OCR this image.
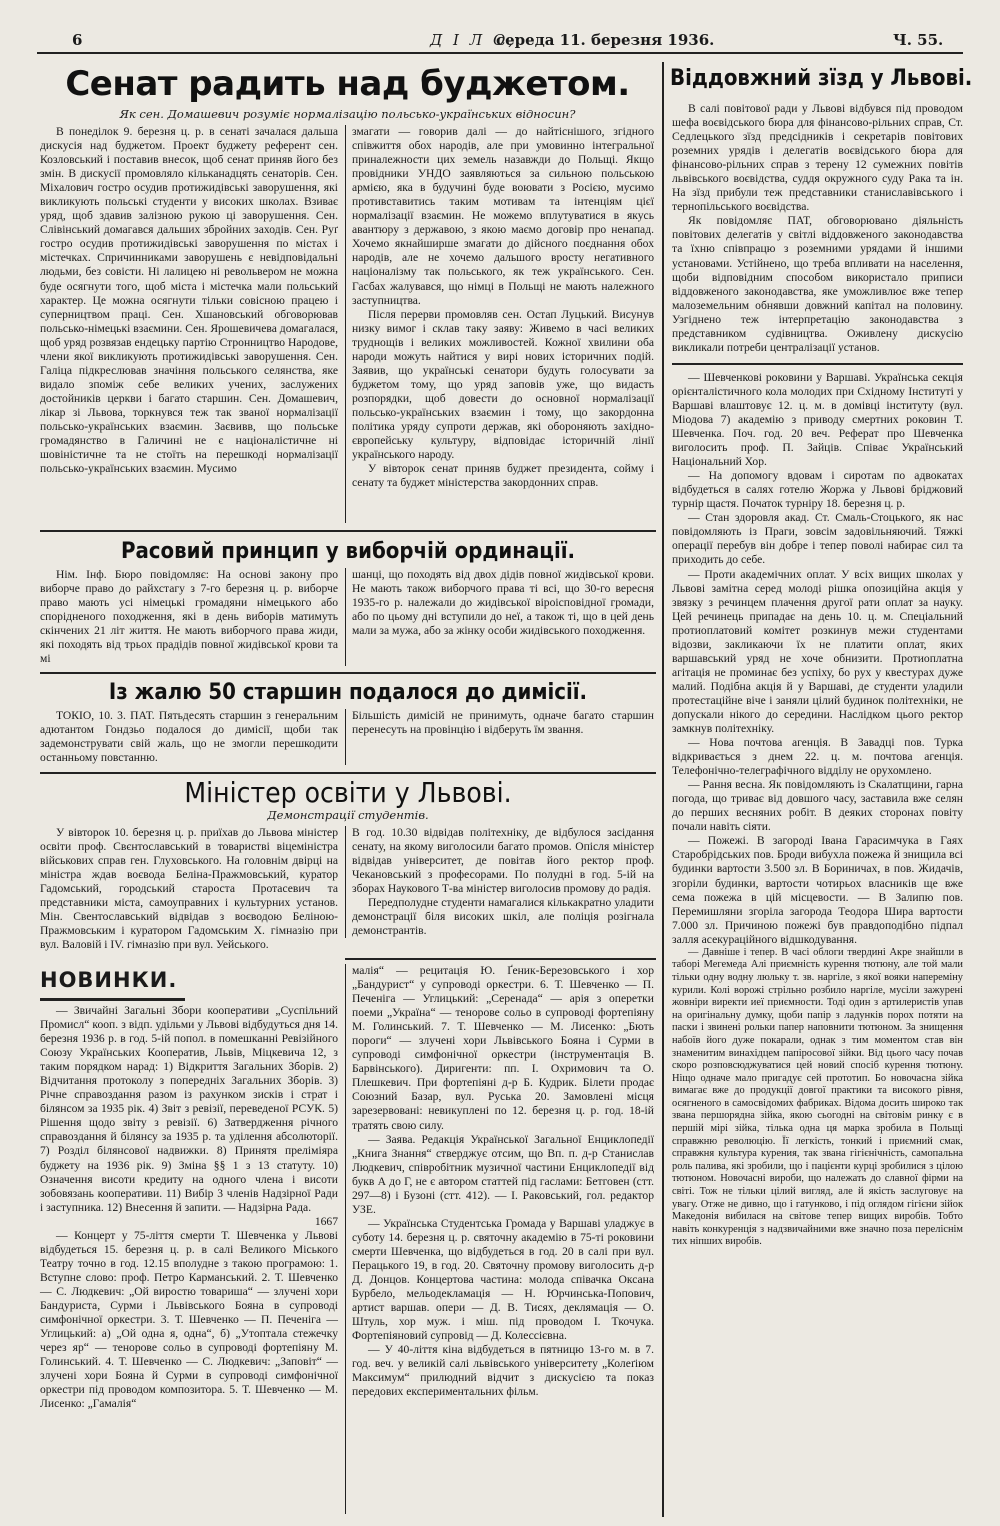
6	Д І Л О,
середа 11. березня 1936.	Ч. 55.
Сенат радить над буджетом.
Як сен. Домашевич розуміє нормалізацію польсько-українських відносин?

В понеділок 9. березня ц. р. в сенаті зачалася дальша дискусія над буджетом. Проект буджету референт сен. Козловський і поставив внесок, щоб сенат приняв його без змін. В дискусії промовляло кільканадцять сенаторів. Сен. Міхалович гостро осудив протижидівські заворушення, які викликують польські студенти у високих школах. Взиває уряд, щоб здавив залізною рукою ці заворушення. Сен. Слівінський домагався дальших збройних заходів. Сен. Руґ гостро осудив протижидівські заворушення по містах і містечках. Спричинниками заворушень є невідповідальні людьми, без совісти. Ні лалицею ні револьвером не можна буде осягнути того, щоб міста і містечка мали польський характер. Це можна осягнути тільки совісною працею і суперництвом праці. Сен. Хшановський обговорював польсько-німецькі взаємини. Сен. Ярошевичева домагалася, щоб уряд розвязав ендецьку партію Стронництво Народове, члени якої викликують протижидівські заворушення. Сен. Галіца підкреслював значіння польського селянства, яке видало зпоміж себе великих учених, заслужених достойників церкви і багато старшин. Сен. Домашевич, лікар зі Львова, торкнувся теж так званої нормалізації польсько-українських взаємин. Заєвивв, що польське громадянство в Галичині не є націоналістичне ні шовіністичне та не стоїть на перешкоді нормалізації польсько-українських взаємин. Мусимо

змагати — говорив далі — до найтіснішого, згідного співжиття обох народів, але при умовинно інтегральної приналежности цих земель назавжди до Польщі. Якщо провідники УНДО заявляються за сильною польською армією, яка в будучині буде воювати з Росією, мусимо противставитись таким мотивам та інтенціям цієї нормалізації взаємин. Не можемо вплутуватися в якусь авантюру з державою, з якою маємо договір про ненапад. Хочемо якнайширше змагати до дійсного поєднання обох народів, але не хочемо дальшого вросту негативного націоналізму так польського, як теж українського. Сен. Гасбах жалувався, що німці в Польщі не мають належного заступництва.

Після перерви промовляв сен. Остап Луцький. Висунув низку вимог і склав таку заяву: Живемо в часі великих труднощів і великих можливостей. Кожної хвилини оба народи можуть найтися у вирі нових історичних подій. Заявив, що українські сенатори будуть голосувати за буджетом тому, що уряд заповів уже, що видасть розпорядки, щоб довести до основної нормалізації польсько-українських взаємин і тому, що закордонна політика уряду супроти держав, які обороняють західно-європейську культуру, відповідає історичній лінії українського народу.

У вівторок сенат приняв буджет президента, сойму і сенату та буджет міністерства закордонних справ.

Расовий принцип у виборчій ординації.

Нім. Інф. Бюро повідомляє: На основі закону про виборче право до райхстагу з 7-го березня ц. р. виборче право мають усі німецькі громадяни німецького або спорідненого походження, які в день виборів матимуть скінчених 21 літ життя. Не мають виборчого права жиди, які походять від трьох прадідів повної жидівської крови та мі

шанці, що походять від двох дідів повної жидівської крови. Не мають також виборчого права ті всі, що 30-го вересня 1935-го р. належали до жидівської віроісповідної громади, або по цьому дні вступили до неї, а також ті, що в цей день мали за мужа, або за жінку особи жидівського походження.

Із жалю 50 старшин подалося до димісії.

ТОКІО, 10. 3. ПАТ. Пятьдесять старшин з генеральним адютантом Гондзьо подалося до димісії, щоби так задемонструвати свій жаль, що не змогли перешкодити останньому повстанню.

Більшість димісій не принимуть, одначе багато старшин перенесуть на провінцію і відберуть їм звання.

Міністер освіти у Львові.
Демонстрації студентів.

У вівторок 10. березня ц. р. приїхав до Львова міністер освіти проф. Свєнтославський в товаристві віцеміністра військових справ ген. Глуховського. На головнім двірці на міністра ждав воєвода Беліна-Пражмовський, куратор Гадомський, городський староста Протасевич та представники міста, самоуправних і культурних установ. Мін. Свентославський відвідав з воєводою Беліною-Пражмовським і куратором Гадомським Х. гімназію при вул. Валовій і IV. гімназію при вул. Уейського.

В год. 10.30 відвідав політехніку, де відбулося засідання сенату, на якому виголосили багато промов. Опісля міністер відвідав університет, де повітав його ректор проф. Чекановський з професорами. По полудні в год. 5-ій на зборах Наукового Т-ва міністер виголосив промову до радія.

Передполудне студенти намагалися кількакратно уладити демонстрації біля високих шкіл, але поліція розігнала демонстрантів.

НОВИНКИ.

— Звичайні Загальні Збори кооперативи „Суспільний Промисл“ кооп. з відп. удільми у Львові відбудуться дня 14. березня 1936 р. в год. 5-ій попол. в помешканні Ревізійного Союзу Українських Кооператив, Львів, Міцкевича 12, з таким порядком нарад: 1) Відкриття Загальних Зборів. 2) Відчитання протоколу з попередніх Загальних Зборів. 3) Річне справоздання разом із рахунком зисків і страт і білянсом за 1935 рік. 4) Звіт з ревізії, переведеної РСУК. 5) Рішення щодо звіту з ревізії. 6) Затвердження річного справоздання й білянсу за 1935 р. та уділення абсолюторії. 7) Розділ білянсової надвижки. 8) Принятя преліміяра буджету на 1936 рік. 9) Зміна §§ 1 з 13 статуту. 10) Означення висоти кредиту на одного члена і висоти зобовязань кооперативи. 11) Вибір 3 членів Надзірної Ради і заступника. 12) Внесення й запити. — Надзірна Рада.

1667

— Концерт у 75-ліття смерти Т. Шевченка у Львові відбудеться 15. березня ц. р. в салі Великого Міського Театру точно в год. 12.15 вполудне з такою програмою: 1. Вступне слово: проф. Петро Карманський. 2. Т. Шевченко — С. Людкевич: „Ой виростю товариша“ — злучені хори Бандуриста, Сурми і Львівського Бояна в супроводі симфонічної оркестри. 3. Т. Шевченко — П. Печеніга — Углицький: а) „Ой одна я, одна“, б) „Утоптала стежечку через яр“ — тенорове сольо в супроводі фортепіяну М. Голинський. 4. Т. Шевченко — С. Людкевич: „Заповіт“ — злучені хори Бояна й Сурми в супроводі симфонічної оркестри під проводом композитора. 5. Т. Шевченко — М. Лисенко: „Гамалія“

малія“ — рецитація Ю. Ґеник-Березовського і хор „Бандурист“ у супроводі оркестри. 6. Т. Шевченко — П. Печеніга — Углицький: „Серенада“ — арія з оперетки поеми „Україна“ — тенорове сольо в супроводі фортепіяну М. Голинський. 7. Т. Шевченко — М. Лисенко: „Бють пороги“ — злучені хори Львівського Бояна і Сурми в супроводі симфонічної оркестри (інструментація В. Барвінського). Диригенти: пп. І. Охримович та О. Плешкевич. При фортепіяні д-р Б. Кудрик. Білети продає Союзний Базар, вул. Руська 20. Замовлені місця зарезервовані: невикуплені по 12. березня ц. р. год. 18-ій тратять свою силу.

— Заява. Редакція Української Загальної Енциклопедії „Книга Знання“ стверджує отсим, що Вп. п. д-р Станислав Людкевич, співробітник музичної частини Енциклопедії від букв А до Г, не є автором статтей під гаслами: Бетговен (стт. 297—8) і Бузоні (стт. 412). — І. Раковський, гол. редактор УЗЕ.

— Українська Студентська Громада у Варшаві уладжує в суботу 14. березня ц. р. святочну академію в 75-ті роковини смерти Шевченка, що відбудеться в год. 20 в салі при вул. Перацького 19, в год. 20. Святочну промову виголосить д-р Д. Донцов. Концертова частина: молода співачка Оксана Бурбело, мельодекламація — Н. Юрчинська-Попович, артист варшав. опери — Д. В. Тисях, деклямація — О. Штуль, хор муж. і міш. під проводом І. Ткочука. Фортепіяновий супровід — Д. Колессієвна.

— У 40-ліття кіна відбудеться в пятницю 13-го м. в 7. год. веч. у великій салі львівського університету „Колеґіюм Максимум“ прилюдний відчит з дискусією та показ передових експериментальних фільм.

Віддовжний зїзд у Львові.

В салі повітової ради у Львові відбувся під проводом шефа воєвідського бюра для фінансово-рільних справ, Ст. Седлецького зїзд предсідників і секретарів повітових роземних урядів і делегатів воєвідського бюра для фінансово-рільних справ з терену 12 сумежних повітів львівського воєвідства, суддя окружного суду Рака та ін. На зїзд прибули теж представники станиславівського і тернопільського воєвідства.

Як повідомляє ПАТ, обговорювано діяльність повітових делегатів у світлі віддовженого законодавства та їхню співпрацю з роземними урядами й іншими установами. Устійнено, що треба впливати на населення, щоби відповідним способом використало приписи віддовженого законодавства, яке уможливлює вже тепер малоземельним обнявши довжний капітал на половину. Узгіднено теж інтерпретацію законодавства з представником судівництва. Оживлену дискусію викликали потреби централізації установ.

— Шевченкові роковини у Варшаві. Українська секція орієнталістичного кола молодих при Східному Інституті у Варшаві влаштовує 12. ц. м. в домівці інституту (вул. Міодова 7) академію з приводу смертних роковин Т. Шевченка. Поч. год. 20 веч. Реферат про Шевченка виголосить проф. П. Зайців. Співає Український Національний Хор.

— На допомогу вдовам і сиротам по адвокатах відбудеться в салях готелю Жоржа у Львові бріджовий турнір щастя. Початок турніру 18. березня ц. р.

— Стан здоровля акад. Ст. Смаль-Стоцького, як нас повідомляють із Праги, зовсім задовільняючий. Тяжкі операції перебув він добре і тепер поволі набирає сил та приходить до себе.

— Проти академічних оплат. У всіх вищих школах у Львові замітна серед молоді рішка опозиційна акція у звязку з речинцем плачення другої рати оплат за науку. Цей речинець припадає на день 10. ц. м. Спеціальний протиоплатовий комітет розкинув межи студентами відозви, закликаючи їх не платити оплат, яких варшавський уряд не хоче обнизити. Протиоплатна агітація не проминає без успіху, бо рух у квестурах дуже малий. Подібна акція й у Варшаві, де студенти уладили протестаційне віче і заняли цілий будинок політехніки, не допускали нікого до середини. Наслідком цього ректор замкнув політехніку.

— Нова почтова агенція. В Завадці пов. Турка відкривається з днем 22. ц. м. почтова агенція. Телефонічно-телеграфічного відділу не орухомлено.

— Рання весна. Як повідомляють із Скалатщини, гарна погода, що триває від довшого часу, заставила вже селян до перших весняних робіт. В деяких сторонах повіту почали навіть сіяти.

— Пожежі. В загороді Івана Гарасимчука в Гаях Старобрідських пов. Броди вибухла пожежа й знищила всі будинки вартости 3.500 зл. В Бориничах, в пов. Жидачів, згоріли будинки, вартости чотирьох власників ще вже сема пожежа в цій місцевости. — В Залипю пов. Перемишляни згоріла загорода Теодора Шира вартости 7.000 зл. Причиною пожежі був правдоподібно підпал залля асекураційного відшкодування.

— Давніше і тепер. В часі облоги твердині Акре знайшли в таборі Мегемеда Алі приємність курення тютюну, але той мали тільки одну водну люльку т. зв. наргіле, з якої вояки напереміну курили. Колі ворожі стрільно розбило наргіле, мусіли зажурені жовніри виректи иеї приємности. Тоді один з артилеристів упав на оригінальну думку, щоби папір з ладунків порох потяти на паски і звинені рольки папер наповнити тютюном. За знищення набоїв його дуже покарали, однак з тим моментом став він знаменитим винахідцем папіросової зійки. Від цього часу почав скоро розповсюджуватися цей новий спосіб курення тютюну. Ніщо одначе мало пригадує сей прототип. Бо новочасна зійка вимагає вже до продукції довгої практики та високого рівня, осягненого в самосвідомих фабриках. Відома досить широко так звана першорядна зійка, якою сьогодні на світовім ринку є в першій мірі зійка, тілька одна ця марка зробила в Польщі справжню революцію. Її легкість, тонкий і приємний смак, справжня культура курения, так звана гігієнічність, самопальна роль палива, які зробили, що і пацієнти курці зробилися з цілою тютюном. Новочасні вироби, що належать до славної фірми на світі. Тож не тільки цілий вигляд, але й якість заслуговує на увагу. Отже не дивно, що і гатунково, і під оглядом гігієни зійок Македонія вибилася на світове тепер вищих виробів. Тобто навіть конкуренція з надзвичайними вже значно поза переліснім тих ніпших виробів.
